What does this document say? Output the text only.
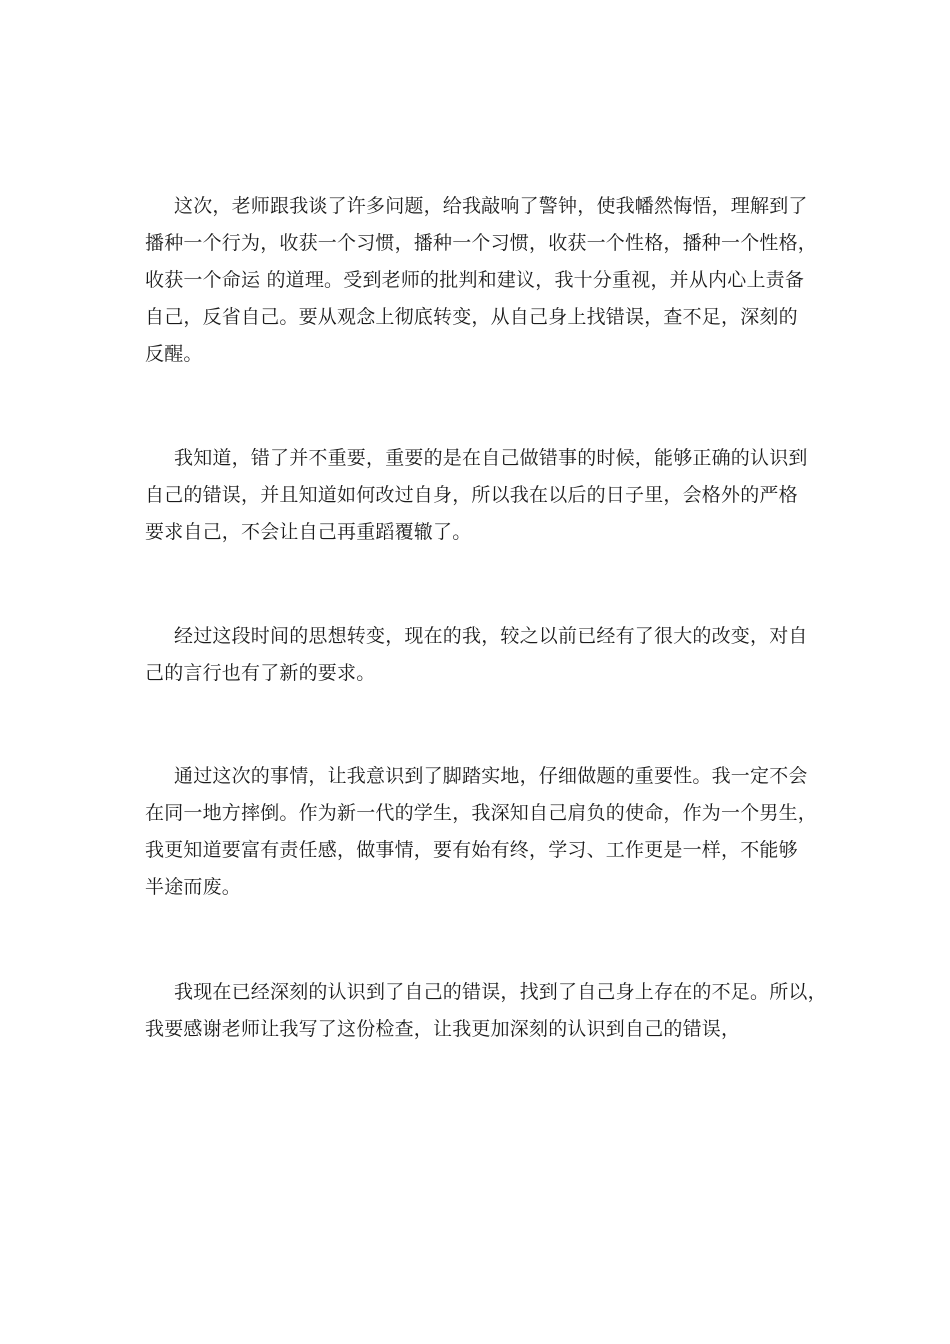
这次，老师跟我谈了许多问题，给我敲响了警钟，使我幡然悔悟，理解到了
播种一个行为，收获一个习惯，播种一个习惯，收获一个性格，播种一个性格，
收获一个命运 的道理。受到老师的批判和建议，我十分重视，并从内心上责备
自己，反省自己。要从观念上彻底转变，从自己身上找错误，查不足，深刻的
反醒。

我知道，错了并不重要，重要的是在自己做错事的时候，能够正确的认识到
自己的错误，并且知道如何改过自身，所以我在以后的日子里，会格外的严格
要求自己，不会让自己再重蹈覆辙了。

经过这段时间的思想转变，现在的我，较之以前已经有了很大的改变，对自
己的言行也有了新的要求。

通过这次的事情，让我意识到了脚踏实地，仔细做题的重要性。我一定不会
在同一地方摔倒。作为新一代的学生，我深知自己肩负的使命，作为一个男生，
我更知道要富有责任感，做事情，要有始有终，学习、工作更是一样，不能够
半途而废。

我现在已经深刻的认识到了自己的错误，找到了自己身上存在的不足。所以，
我要感谢老师让我写了这份检查，让我更加深刻的认识到自己的错误，
